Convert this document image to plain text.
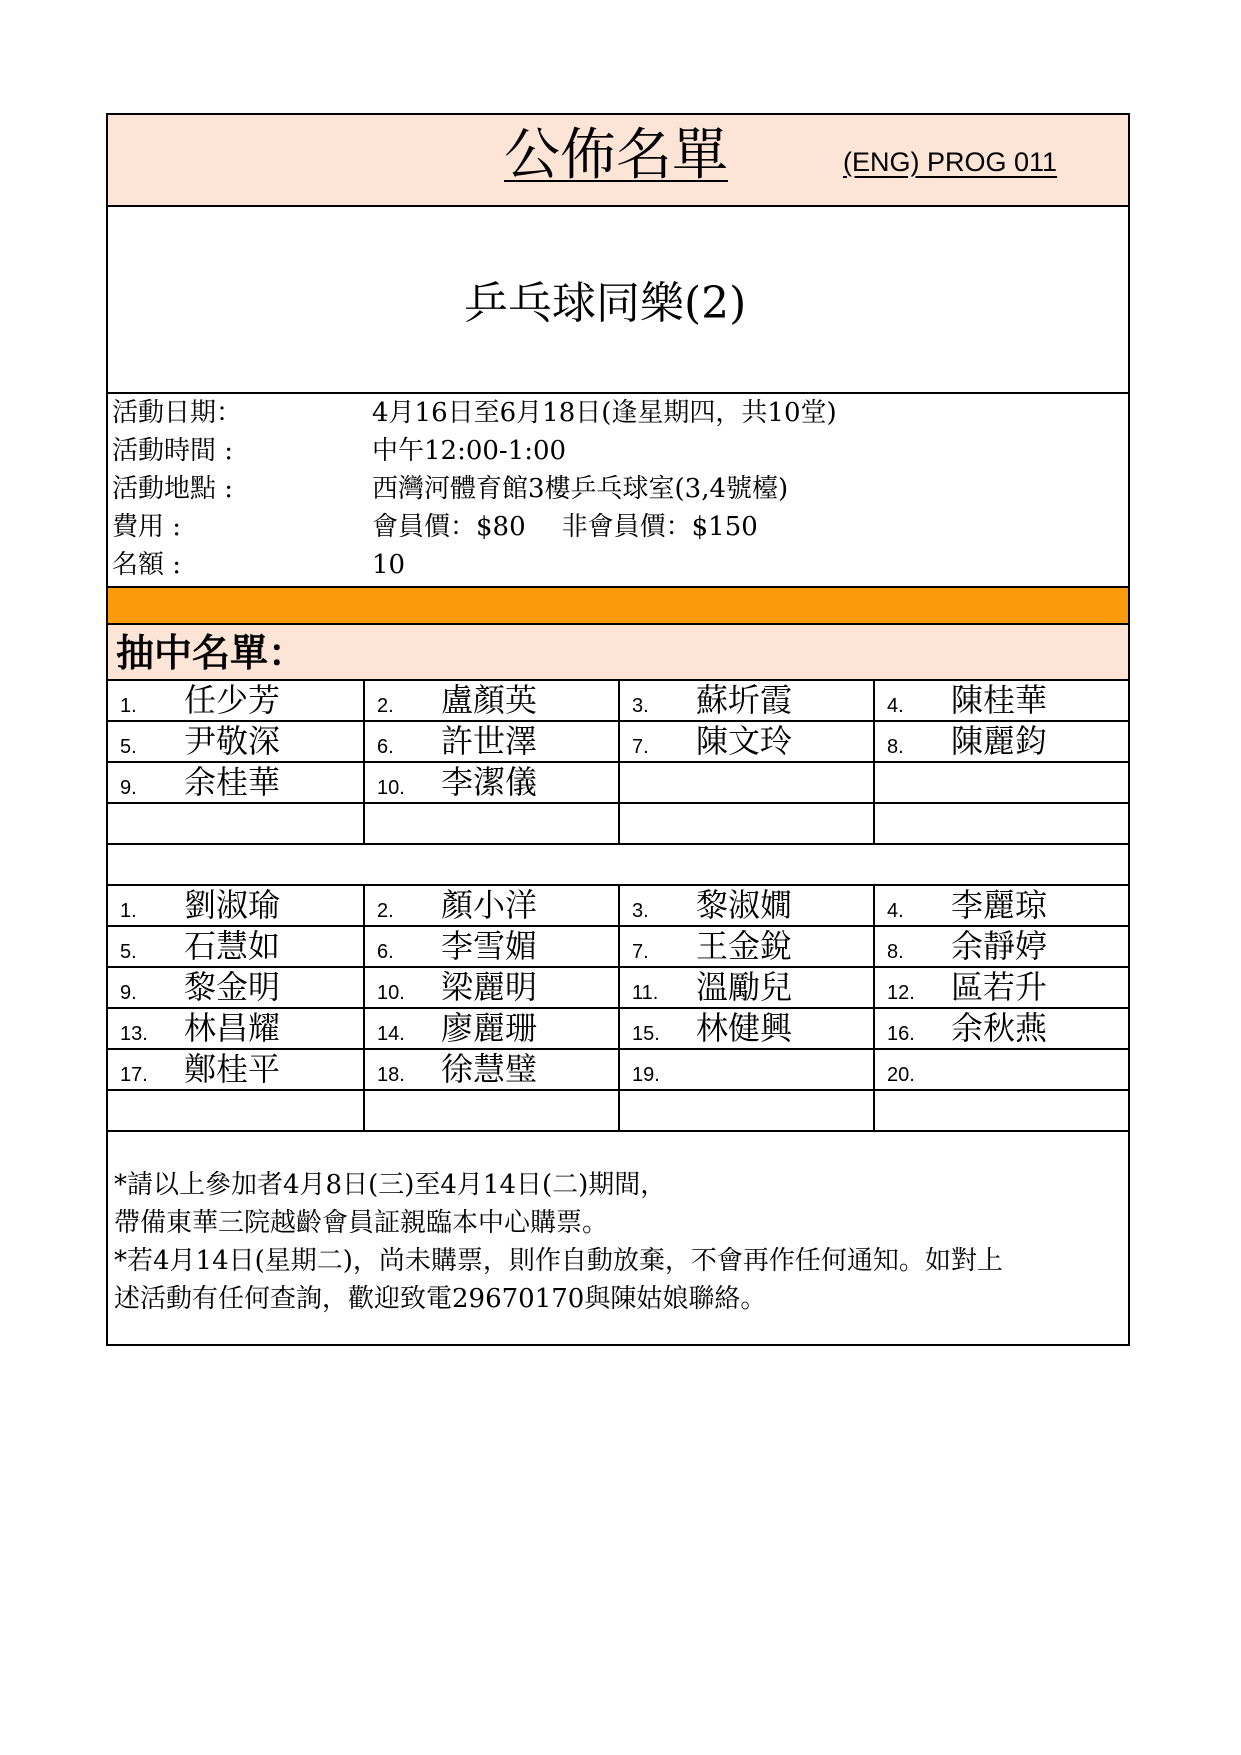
公佈名單	(ENG) PROG 011
乒乓球同樂(2)
活動日期：	4月16日至6月18日(逢星期四，共10堂)
活動時間 :	中午12:00-1:00
活動地點 :	西灣河體育館3樓乒乓球室(3,4號檯)
費用 :	會員價：$80 非會員價：$150
名額 :	10
抽中名單：
1. 任少芳	2. 盧顏英	3. 蘇圻霞	4. 陳桂華
5. 尹敬深	6. 許世澤	7. 陳文玲	8. 陳麗鈞
9. 余桂華	10. 李潔儀
1. 劉淑瑜	2. 顏小洋	3. 黎淑嫺	4. 李麗琼
5. 石慧如	6. 李雪媚	7. 王金銳	8. 余靜婷
9. 黎金明	10. 梁麗明	11. 溫勵兒	12. 區若升
13. 林昌耀	14. 廖麗珊	15. 林健興	16. 余秋燕
17. 鄭桂平	18. 徐慧璧	19.	20.
*請以上參加者4月8日(三)至4月14日(二)期間，
帶備東華三院越齡會員証親臨本中心購票。
*若4月14日(星期二)，尚未購票，則作自動放棄，不會再作任何通知。如對上
述活動有任何查詢，歡迎致電29670170與陳姑娘聯絡。
